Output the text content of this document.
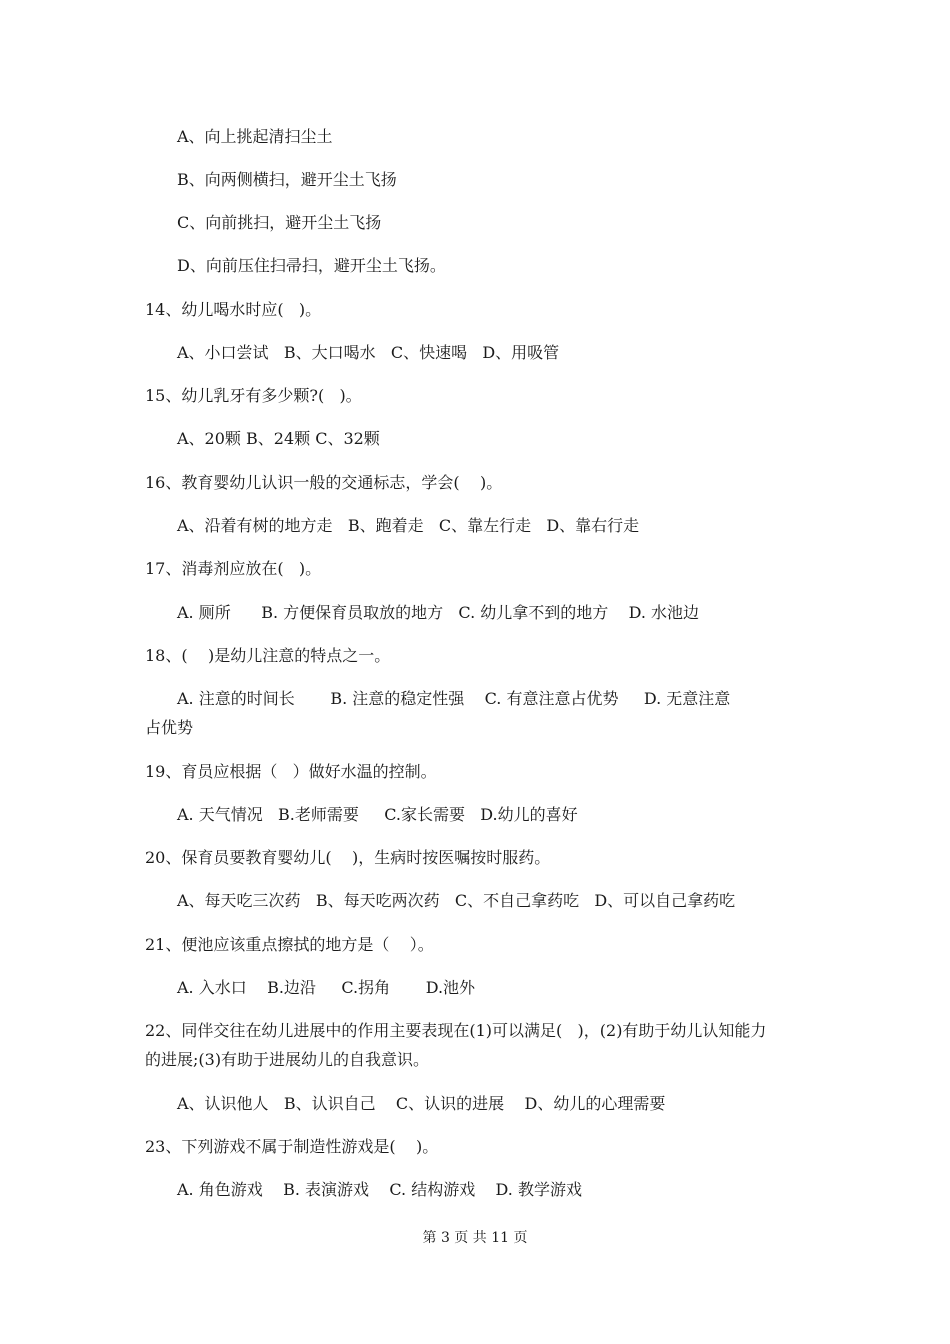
A、向上挑起清扫尘土
B、向两侧横扫，避开尘土飞扬
C、向前挑扫，避开尘土飞扬
D、向前压住扫帚扫，避开尘土飞扬。
14、幼儿喝水时应(   )。
A、小口尝试   B、大口喝水   C、快速喝   D、用吸管
15、幼儿乳牙有多少颗?(   )。
A、20颗 B、24颗 C、32颗
16、教育婴幼儿认识一般的交通标志，学会(    )。
A、沿着有树的地方走   B、跑着走   C、靠左行走   D、靠右行走
17、消毒剂应放在(   )。
A. 厕所      B. 方便保育员取放的地方   C. 幼儿拿不到的地方    D. 水池边
18、(    )是幼儿注意的特点之一。
A. 注意的时间长       B. 注意的稳定性强    C. 有意注意占优势     D. 无意注意
占优势
19、育员应根据（   ）做好水温的控制。
A. 天气情况   B.老师需要     C.家长需要   D.幼儿的喜好
20、保育员要教育婴幼儿(    )，生病时按医嘱按时服药。
A、每天吃三次药   B、每天吃两次药   C、不自己拿药吃   D、可以自己拿药吃
21、便池应该重点擦拭的地方是（    ）。
A. 入水口    B.边沿     C.拐角       D.池外
22、同伴交往在幼儿进展中的作用主要表现在(1)可以满足(   )，(2)有助于幼儿认知能力
的进展;(3)有助于进展幼儿的自我意识。
A、认识他人   B、认识自己    C、认识的进展    D、幼儿的心理需要
23、下列游戏不属于制造性游戏是(    )。
A. 角色游戏    B. 表演游戏    C. 结构游戏    D. 教学游戏
第 3 页 共 11 页
